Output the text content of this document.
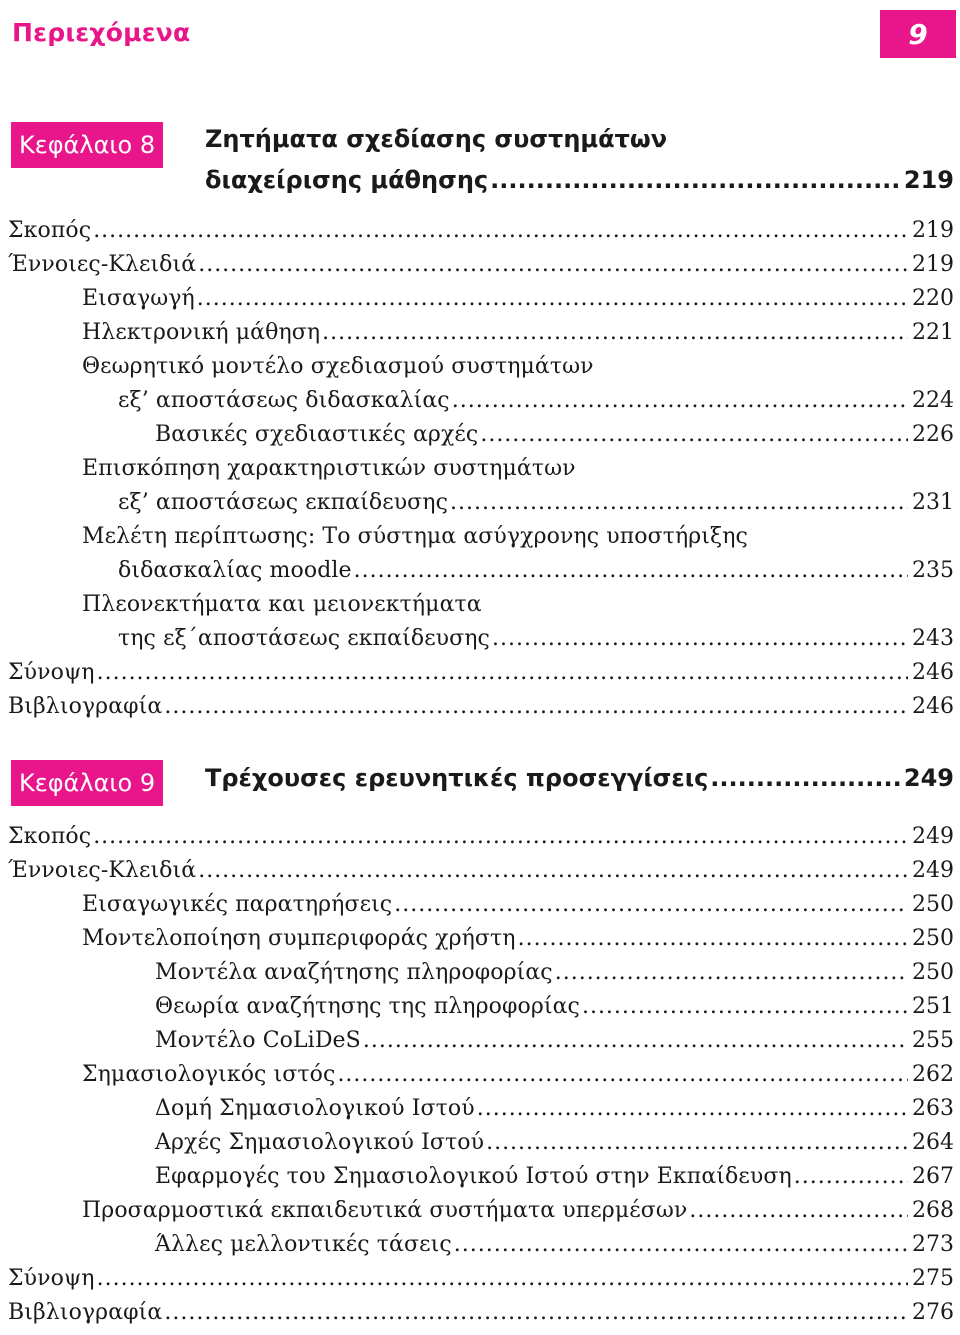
Περιεχόμενα	9
Κεφάλαιο 8	Ζητήματα σχεδίασης συστημάτων
διαχείρισης μάθησης .....	219
Σκοπός .....	219
Έννοιες-Κλειδιά .....	219
Εισαγωγή .....	220
Ηλεκτρονική μάθηση .....	221
Θεωρητικό μοντέλο σχεδιασμού συστημάτων
εξ’ αποστάσεως διδασκαλίας .....	224
Βασικές σχεδιαστικές αρχές .....	226
Επισκόπηση χαρακτηριστικών συστημάτων
εξ’ αποστάσεως εκπαίδευσης .....	231
Μελέτη περίπτωσης: Το σύστημα ασύγχρονης υποστήριξης
διδασκαλίας moodle .....	235
Πλεονεκτήματα και μειονεκτήματα
της εξ΄αποστάσεως εκπαίδευσης .....	243
Σύνοψη .....	246
Βιβλιογραφία .....	246
Κεφάλαιο 9	Τρέχουσες ερευνητικές προσεγγίσεις .....	249
Σκοπός .....	249
Έννοιες-Κλειδιά .....	249
Εισαγωγικές παρατηρήσεις .....	250
Μοντελοποίηση συμπεριφοράς χρήστη .....	250
Μοντέλα αναζήτησης πληροφορίας .....	250
Θεωρία αναζήτησης της πληροφορίας .....	251
Μοντέλο CoLiDeS .....	255
Σημασιολογικός ιστός .....	262
Δομή Σημασιολογικού Ιστού .....	263
Αρχές Σημασιολογικού Ιστού .....	264
Εφαρμογές του Σημασιολογικού Ιστού στην Εκπαίδευση .....	267
Προσαρμοστικά εκπαιδευτικά συστήματα υπερμέσων .....	268
Άλλες μελλοντικές τάσεις .....	273
Σύνοψη .....	275
Βιβλιογραφία .....	276
